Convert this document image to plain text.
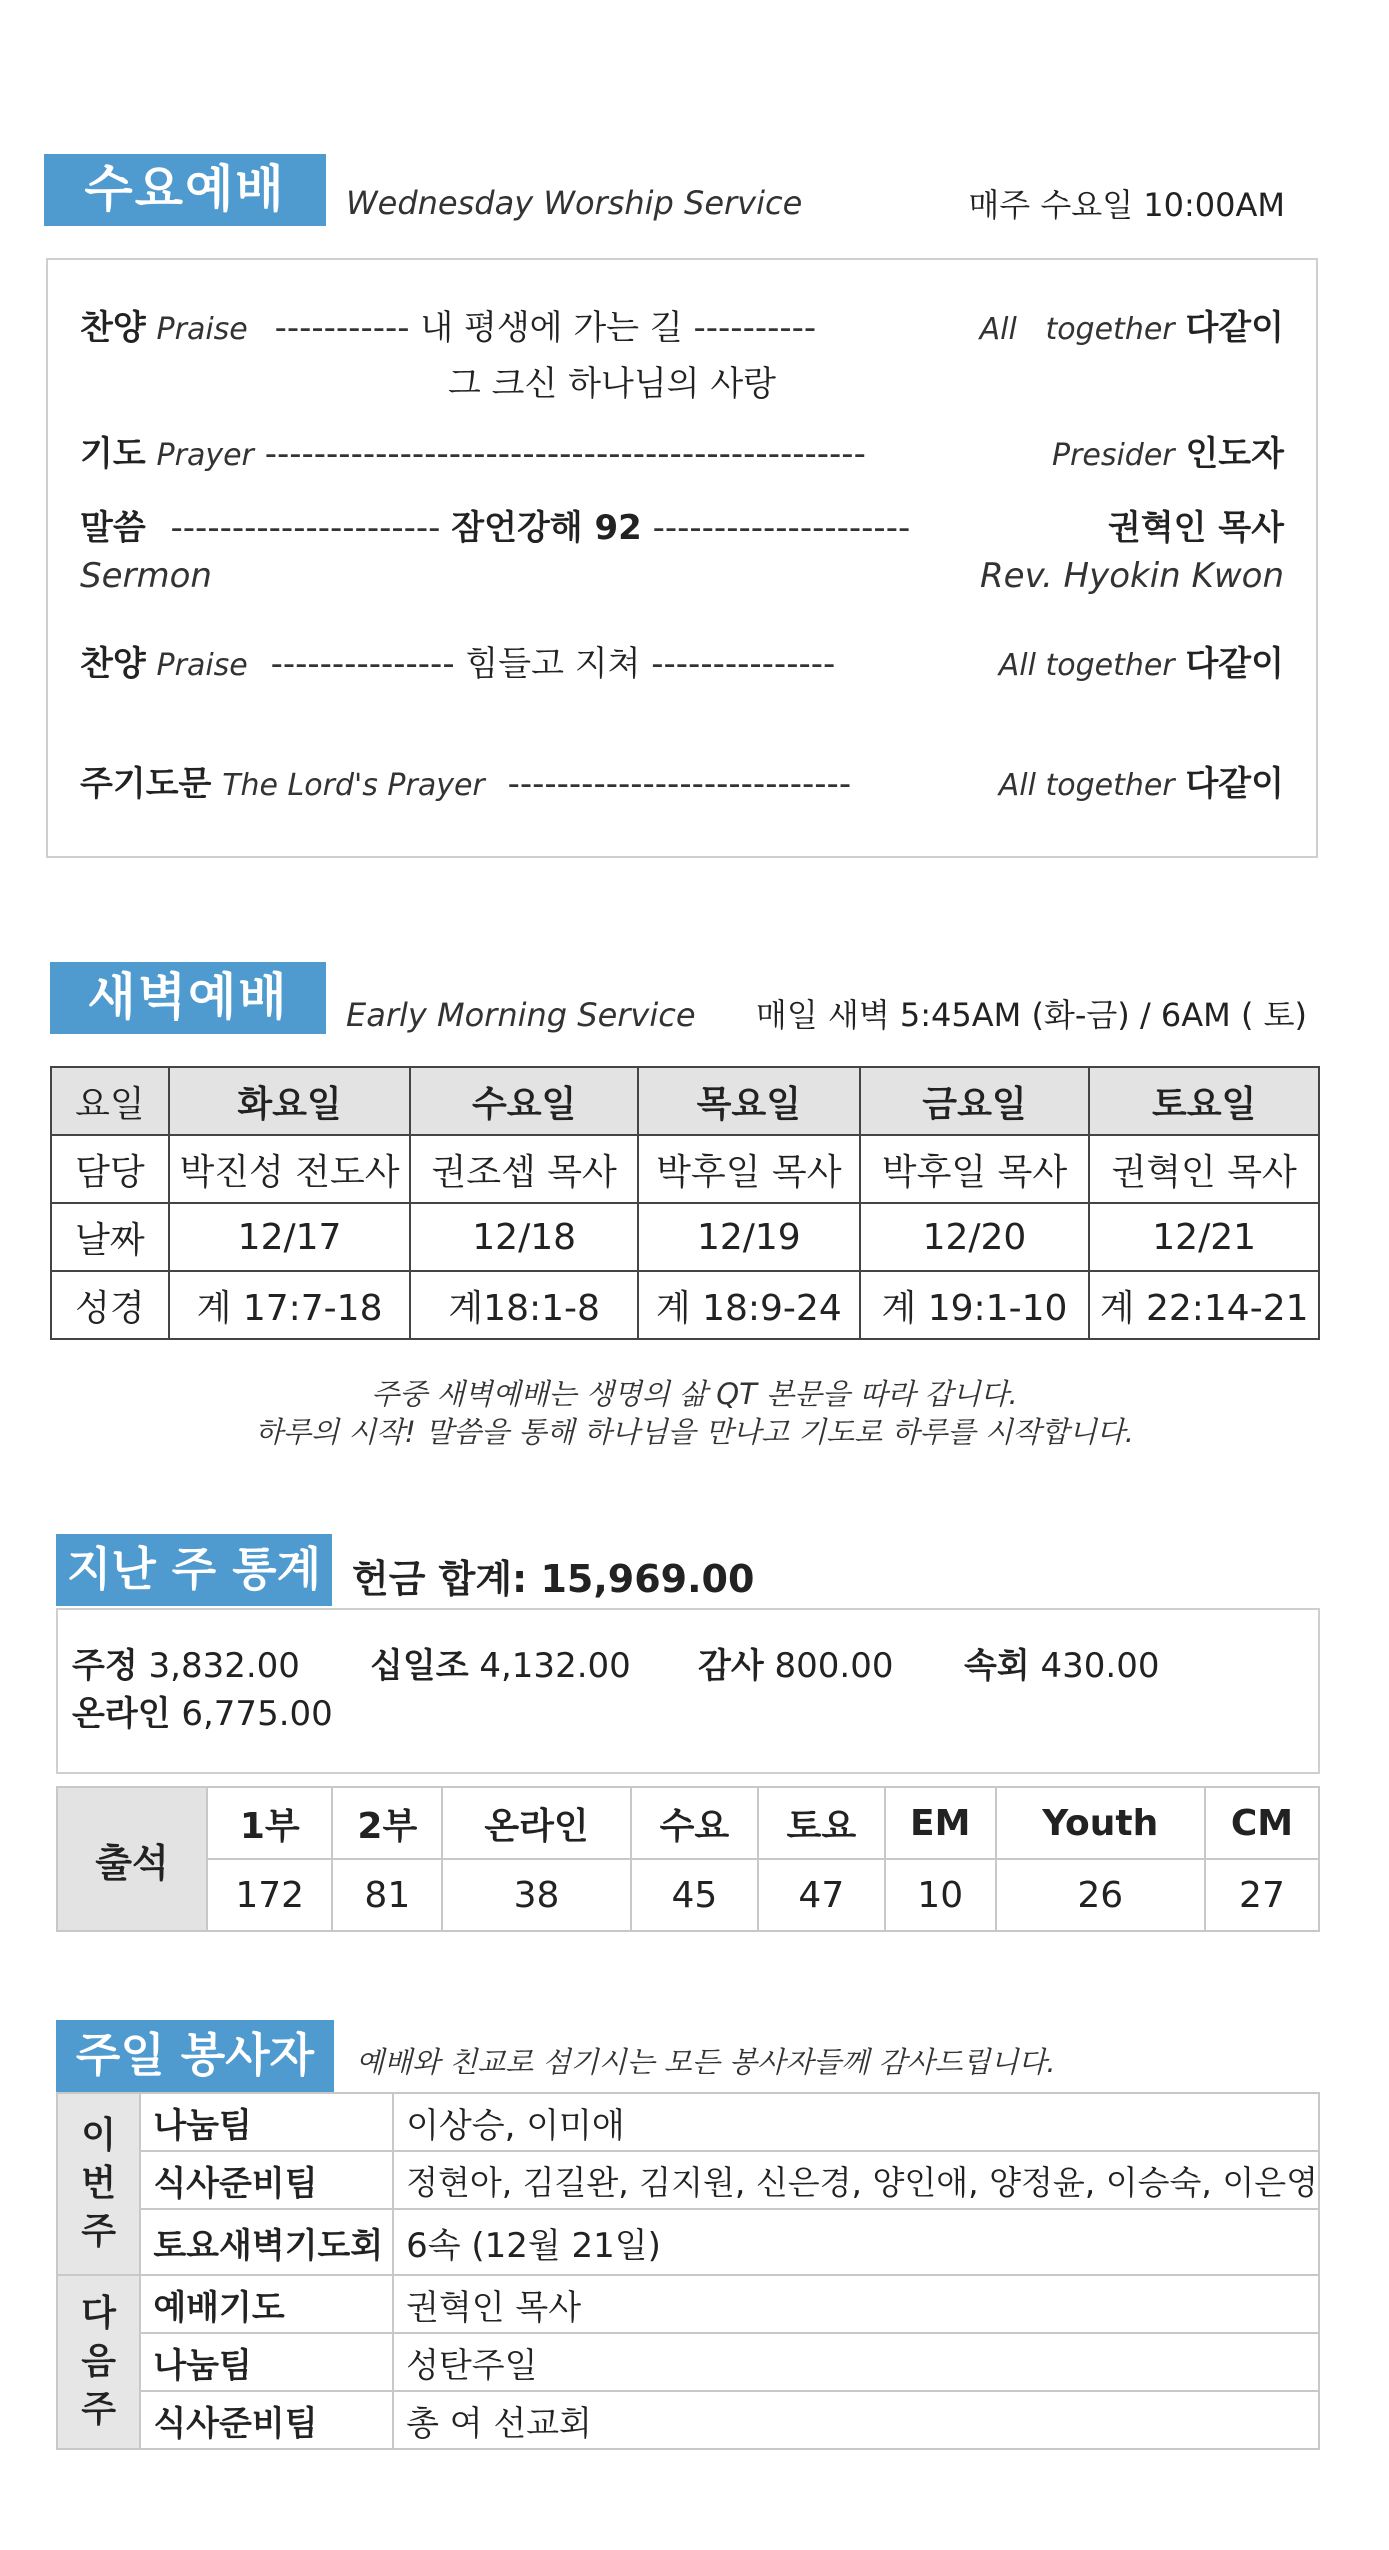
수요예배	Wednesday Worship Service	매주 수요일 10:00AM
찬양 Praise ----------- 내 평생에 가는 길 ----------	All   together 다같이
그 크신 하나님의 사랑
기도 Prayer -------------------------------------------------	Presider 인도자
말씀 ---------------------- 잠언강해 92 ---------------------	권혁인 목사
Sermon	Rev. Hyokin Kwon
찬양 Praise --------------- 힘들고 지쳐 ---------------	All together 다같이
주기도문 The Lord's Prayer ----------------------------	All together 다같이
새벽예배	Early Morning Service 매일 새벽 5:45AM (화-금) / 6AM ( 토)
요일	화요일	수요일	목요일	금요일	토요일
담당	박진성 전도사	권조셉 목사	박후일 목사	박후일 목사	권혁인 목사
날짜	12/17	12/18	12/19	12/20	12/21
성경	계 17:7-18	계18:1-8	계 18:9-24	계 19:1-10	계 22:14-21
주중 새벽예배는 생명의 삶 QT 본문을 따라 갑니다.
하루의 시작! 말씀을 통해 하나님을 만나고 기도로 하루를 시작합니다.
지난 주 통계 헌금 합계: 15,969.00
주정 3,832.00 십일조 4,132.00 감사 800.00 속회 430.00
온라인 6,775.00
출석	1부	2부	온라인	수요	토요	EM	Youth	CM
	172	81	38	45	47	10	26	27
주일 봉사자	예배와 친교로 섬기시는 모든 봉사자들께 감사드립니다.
이 번 주	나눔팀	이상승, 이미애
	식사준비팀	정현아, 김길완, 김지원, 신은경, 양인애, 양정윤, 이승숙, 이은영
	토요새벽기도회	6속 (12월 21일)

다 음 주	예배기도	권혁인 목사
	나눔팀	성탄주일
	식사준비팀	총 여 선교회
